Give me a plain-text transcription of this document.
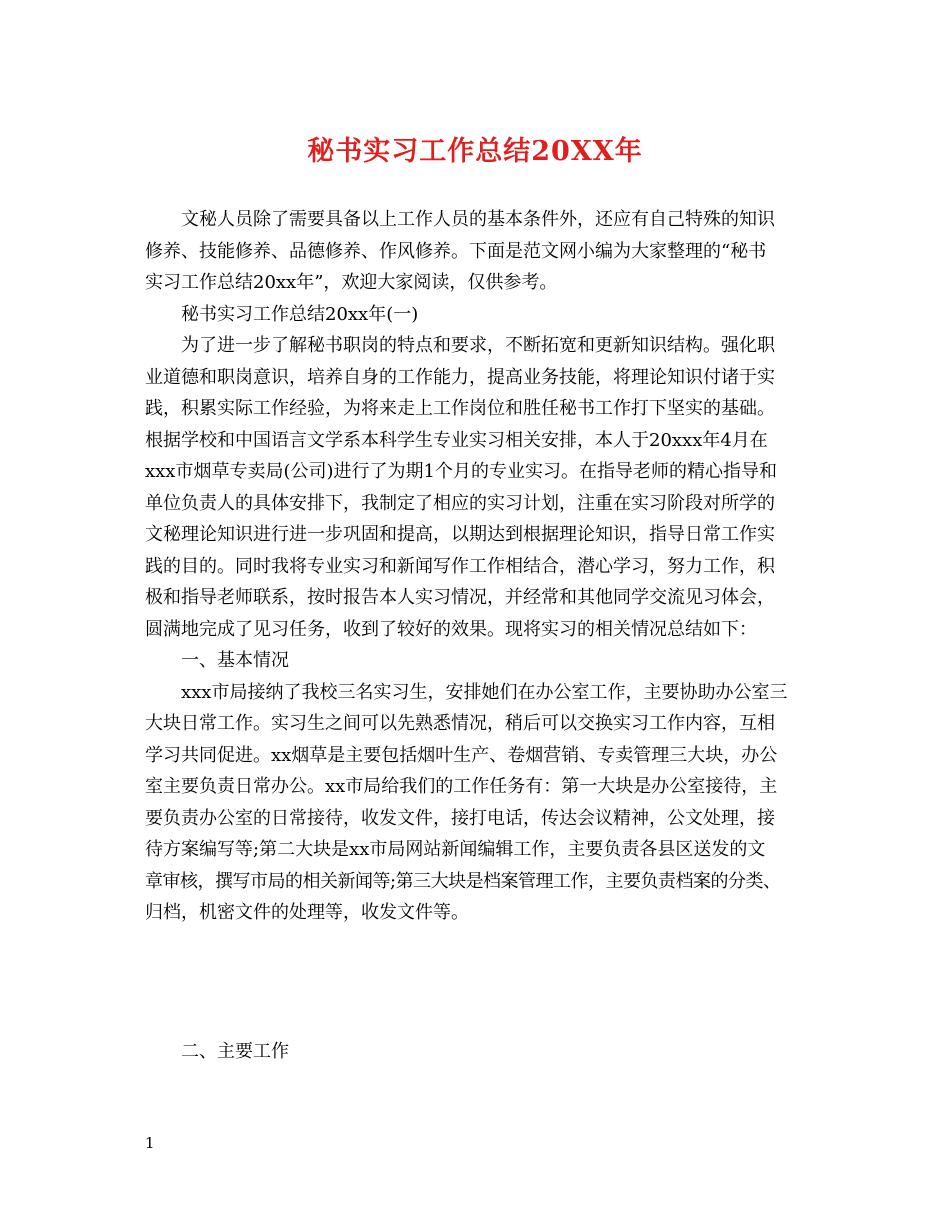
秘书实习工作总结20XX年
文秘人员除了需要具备以上工作人员的基本条件外，还应有自己特殊的知识
修养、技能修养、品德修养、作风修养。下面是范文网小编为大家整理的“秘书
实习工作总结20xx年”，欢迎大家阅读，仅供参考。
秘书实习工作总结20xx年(一)
为了进一步了解秘书职岗的特点和要求，不断拓宽和更新知识结构。强化职
业道德和职岗意识，培养自身的工作能力，提高业务技能，将理论知识付诸于实
践，积累实际工作经验，为将来走上工作岗位和胜任秘书工作打下坚实的基础。
根据学校和中国语言文学系本科学生专业实习相关安排，本人于20xxx年4月在
xxx市烟草专卖局(公司)进行了为期1个月的专业实习。在指导老师的精心指导和
单位负责人的具体安排下，我制定了相应的实习计划，注重在实习阶段对所学的
文秘理论知识进行进一步巩固和提高，以期达到根据理论知识，指导日常工作实
践的目的。同时我将专业实习和新闻写作工作相结合，潜心学习，努力工作，积
极和指导老师联系，按时报告本人实习情况，并经常和其他同学交流见习体会，
圆满地完成了见习任务，收到了较好的效果。现将实习的相关情况总结如下：
一、基本情况
xxx市局接纳了我校三名实习生，安排她们在办公室工作，主要协助办公室三
大块日常工作。实习生之间可以先熟悉情况，稍后可以交换实习工作内容，互相
学习共同促进。xx烟草是主要包括烟叶生产、卷烟营销、专卖管理三大块，办公
室主要负责日常办公。xx市局给我们的工作任务有：第一大块是办公室接待，主
要负责办公室的日常接待，收发文件，接打电话，传达会议精神，公文处理，接
待方案编写等;第二大块是xx市局网站新闻编辑工作，主要负责各县区送发的文
章审核，撰写市局的相关新闻等;第三大块是档案管理工作，主要负责档案的分类、
归档，机密文件的处理等，收发文件等。
二、主要工作
1
